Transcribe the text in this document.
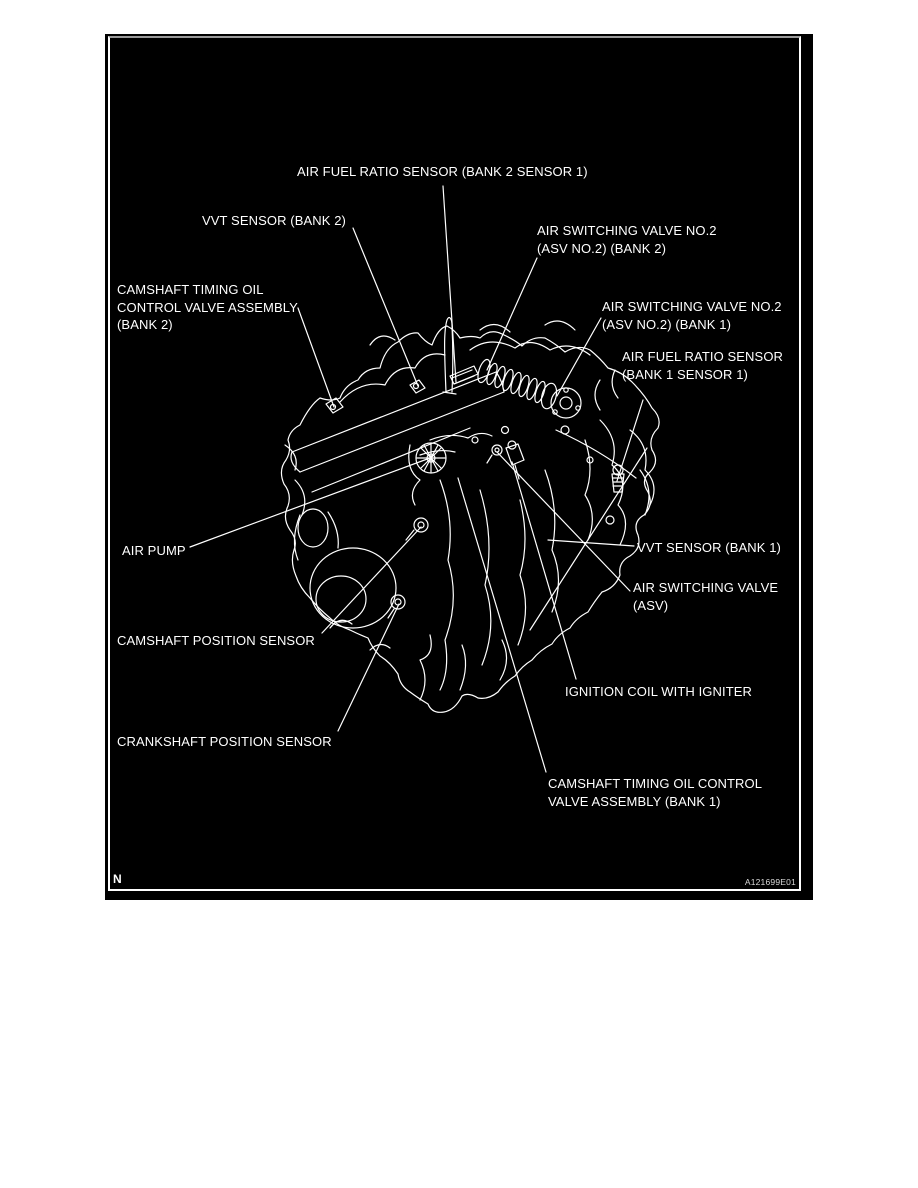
AIR FUEL RATIO SENSOR (BANK 2 SENSOR 1)
VVT SENSOR (BANK 2)
CAMSHAFT TIMING OIL
CONTROL VALVE ASSEMBLY
(BANK 2)
AIR SWITCHING VALVE NO.2
(ASV NO.2) (BANK 2)
AIR SWITCHING VALVE NO.2
(ASV NO.2) (BANK 1)
AIR FUEL RATIO SENSOR
(BANK 1 SENSOR 1)
AIR PUMP
CAMSHAFT POSITION SENSOR
CRANKSHAFT POSITION SENSOR
VVT SENSOR (BANK 1)
AIR SWITCHING VALVE
(ASV)
IGNITION COIL WITH IGNITER
CAMSHAFT TIMING OIL CONTROL
VALVE ASSEMBLY (BANK 1)
N	A121699E01
